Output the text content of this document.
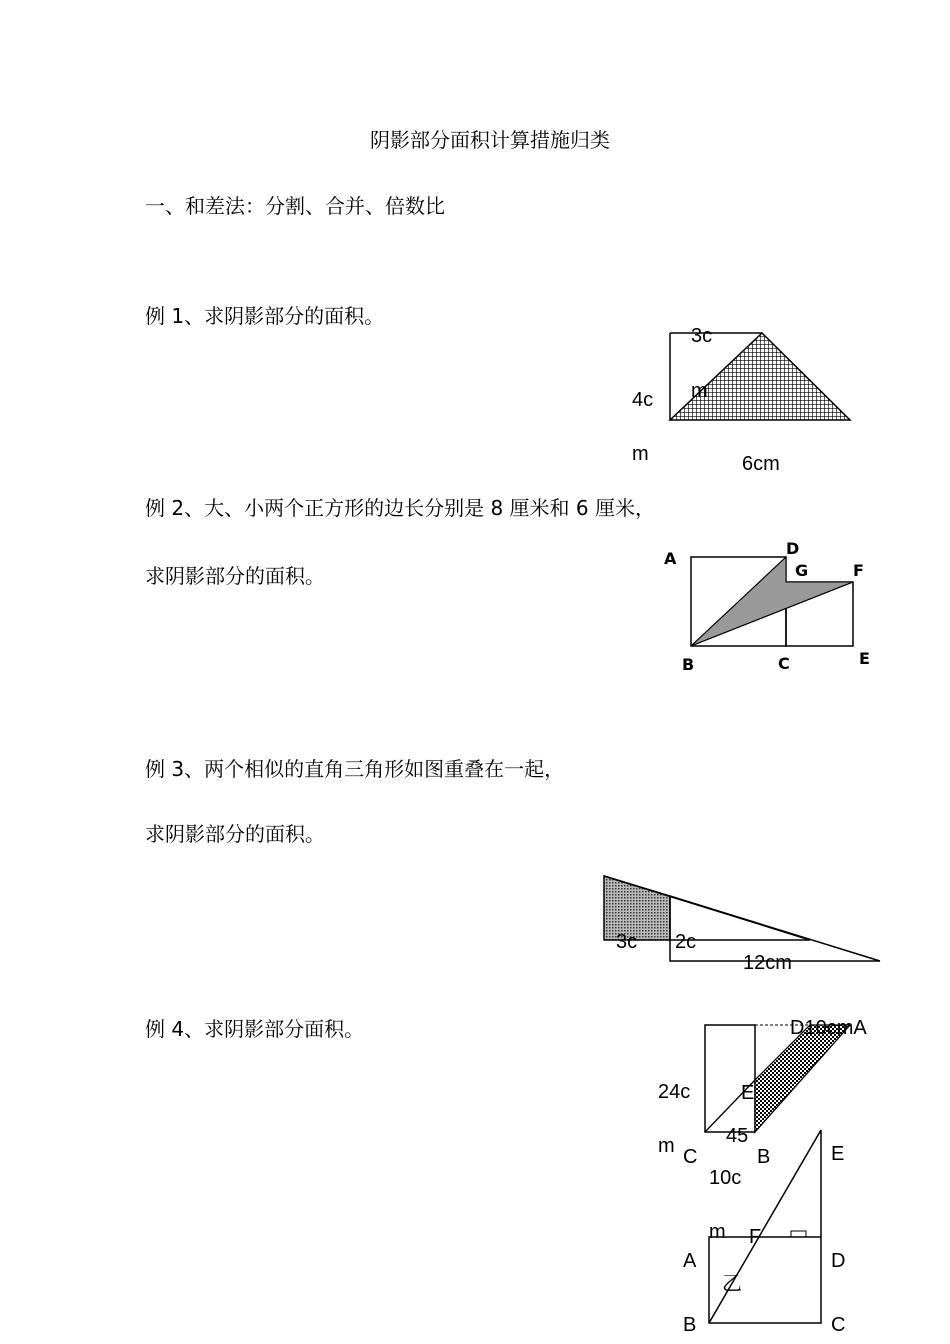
阴影部分面积计算措施归类
一、和差法：分割、合并、倍数比
例 1、求阴影部分的面积。
3c
m
4c
m	6cm
例 2、大、小两个正方形的边长分别是 8 厘米和 6 厘米，
求阴影部分的面积。
A
D
G	F
B	C	E
例 3、两个相似的直角三角形如图重叠在一起，
求阴影部分的面积。
3c 2c
12cm
例 4、求阴影部分面积。	D10cmA
24c
m
E
45
C	B
10c
m F
E
A	D
B	C
乙
